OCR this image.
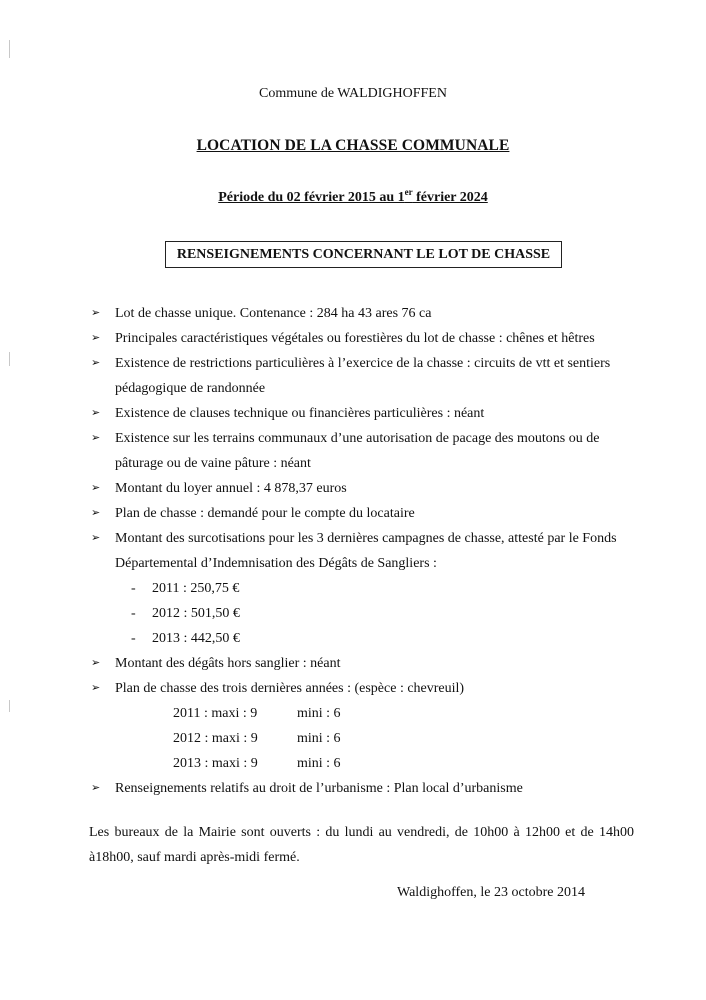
Commune de WALDIGHOFFEN
LOCATION DE LA CHASSE COMMUNALE
Période du 02 février 2015 au 1er février 2024
RENSEIGNEMENTS CONCERNANT LE LOT DE CHASSE
➢ Lot de chasse unique. Contenance : 284 ha 43 ares 76 ca
➢ Principales caractéristiques végétales ou forestières du lot de chasse : chênes et hêtres
➢ Existence de restrictions particulières à l’exercice de la chasse : circuits de vtt et sentiers pédagogique de randonnée
➢ Existence de clauses technique ou financières particulières : néant
➢ Existence sur les terrains communaux d’une autorisation de pacage des moutons ou de pâturage ou de vaine pâture : néant
➢ Montant du loyer annuel : 4 878,37 euros
➢ Plan de chasse : demandé pour le compte du locataire
➢ Montant des surcotisations pour les 3 dernières campagnes de chasse, attesté par le Fonds Départemental d’Indemnisation des Dégâts de Sangliers :
- 2011 : 250,75 €
- 2012 : 501,50 €
- 2013 : 442,50 €
➢ Montant des dégâts hors sanglier : néant
➢ Plan de chasse des trois dernières années : (espèce : chevreuil)
2011 : maxi : 9	mini : 6
2012 : maxi : 9	mini : 6
2013 : maxi : 9	mini : 6
➢ Renseignements relatifs au droit de l’urbanisme : Plan local d’urbanisme
Les bureaux de la Mairie sont ouverts : du lundi au vendredi, de 10h00 à 12h00 et de 14h00 à18h00, sauf mardi après-midi fermé.
Waldighoffen, le 23 octobre 2014
